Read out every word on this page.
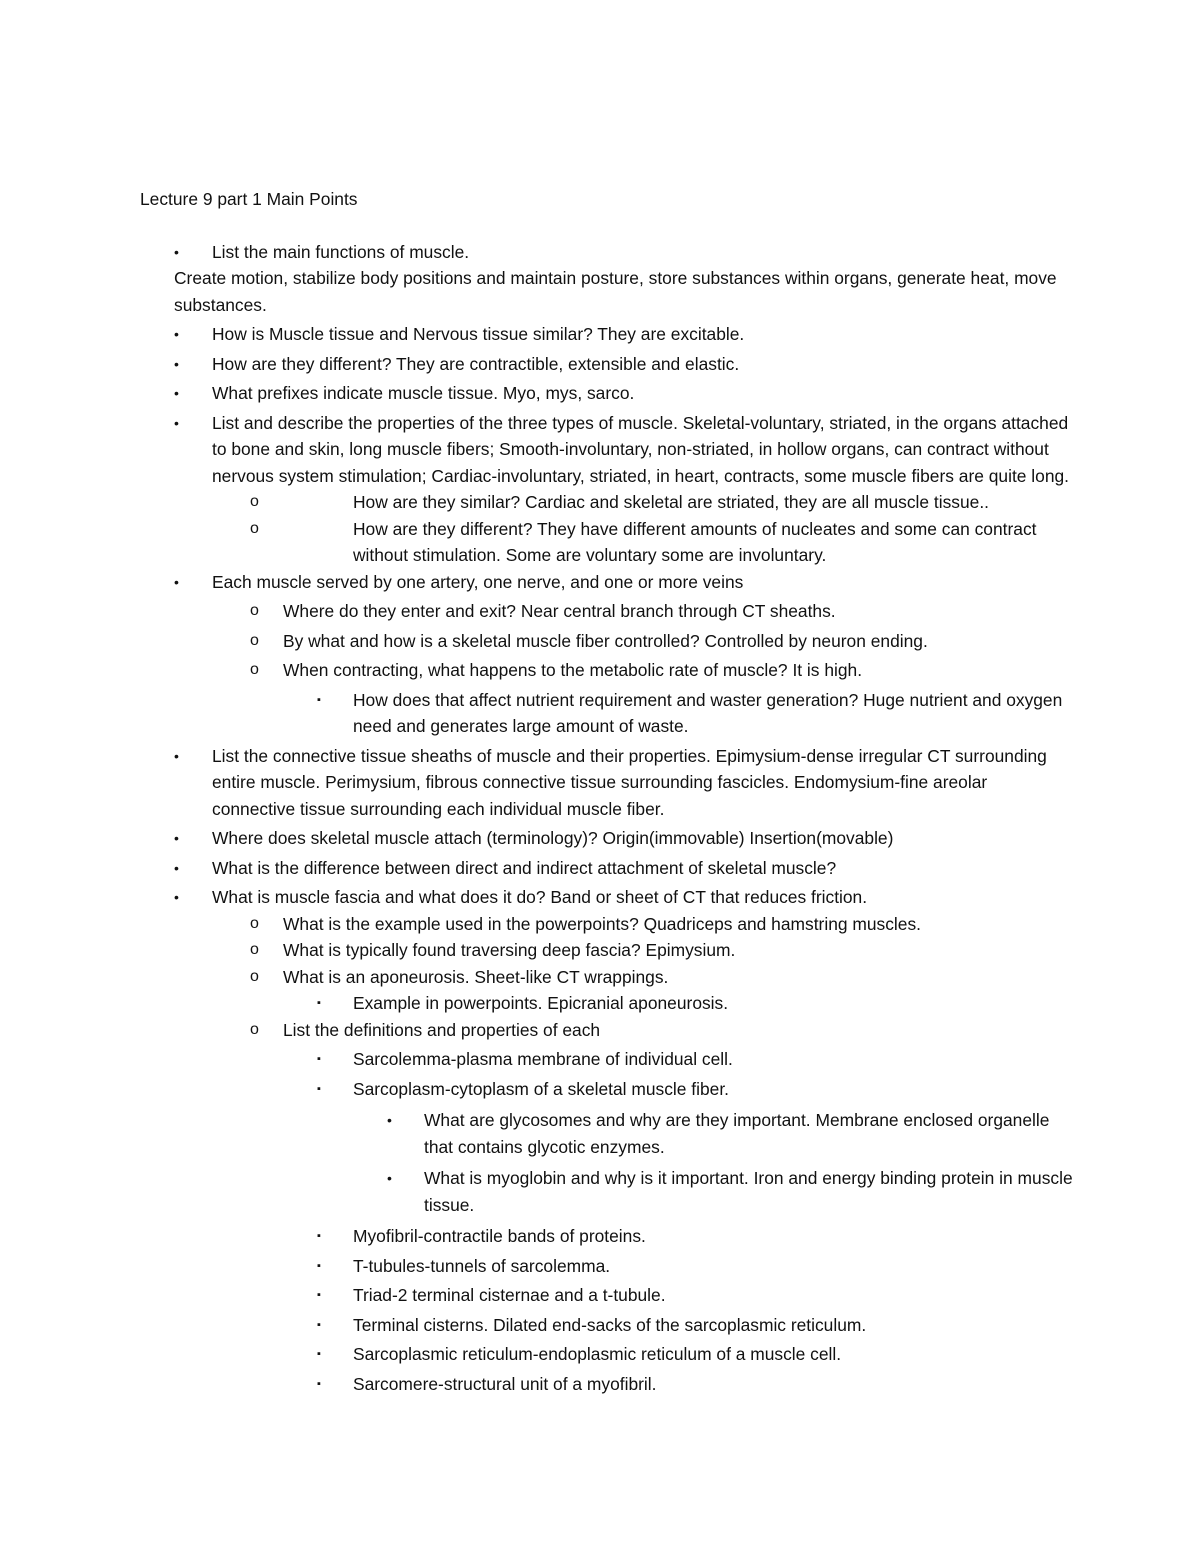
Lecture 9 part 1 Main Points
• List the main functions of muscle.
Create motion, stabilize body positions and maintain posture, store substances within organs, generate heat, move substances.
• How is Muscle tissue and Nervous tissue similar? They are excitable.
• How are they different? They are contractible, extensible and elastic.
• What prefixes indicate muscle tissue. Myo, mys, sarco.
• List and describe the properties of the three types of muscle. Skeletal-voluntary, striated, in the organs attached to bone and skin, long muscle fibers; Smooth-involuntary, non-striated, in hollow organs, can contract without nervous system stimulation; Cardiac-involuntary, striated, in heart, contracts, some muscle fibers are quite long.
o	How are they similar? Cardiac and skeletal are striated, they are all muscle tissue..
o	How are they different? They have different amounts of nucleates and some can contract without stimulation. Some are voluntary some are involuntary.
• Each muscle served by one artery, one nerve, and one or more veins
o Where do they enter and exit? Near central branch through CT sheaths.
o By what and how is a skeletal muscle fiber controlled? Controlled by neuron ending.
o When contracting, what happens to the metabolic rate of muscle? It is high.
▪ How does that affect nutrient requirement and waster generation? Huge nutrient and oxygen need and generates large amount of waste.
• List the connective tissue sheaths of muscle and their properties. Epimysium-dense irregular CT surrounding entire muscle. Perimysium, fibrous connective tissue surrounding fascicles. Endomysium-fine areolar connective tissue surrounding each individual muscle fiber.
• Where does skeletal muscle attach (terminology)? Origin(immovable) Insertion(movable)
• What is the difference between direct and indirect attachment of skeletal muscle?
• What is muscle fascia and what does it do? Band or sheet of CT that reduces friction.
o What is the example used in the powerpoints? Quadriceps and hamstring muscles.
o What is typically found traversing deep fascia? Epimysium.
o What is an aponeurosis. Sheet-like CT wrappings.
▪ Example in powerpoints. Epicranial aponeurosis.
o List the definitions and properties of each
▪ Sarcolemma-plasma membrane of individual cell.
▪ Sarcoplasm-cytoplasm of a skeletal muscle fiber.
• What are glycosomes and why are they important. Membrane enclosed organelle that contains glycotic enzymes.
• What is myoglobin and why is it important. Iron and energy binding protein in muscle tissue.
▪ Myofibril-contractile bands of proteins.
▪ T-tubules-tunnels of sarcolemma.
▪ Triad-2 terminal cisternae and a t-tubule.
▪ Terminal cisterns. Dilated end-sacks of the sarcoplasmic reticulum.
▪ Sarcoplasmic reticulum-endoplasmic reticulum of a muscle cell.
▪ Sarcomere-structural unit of a myofibril.
